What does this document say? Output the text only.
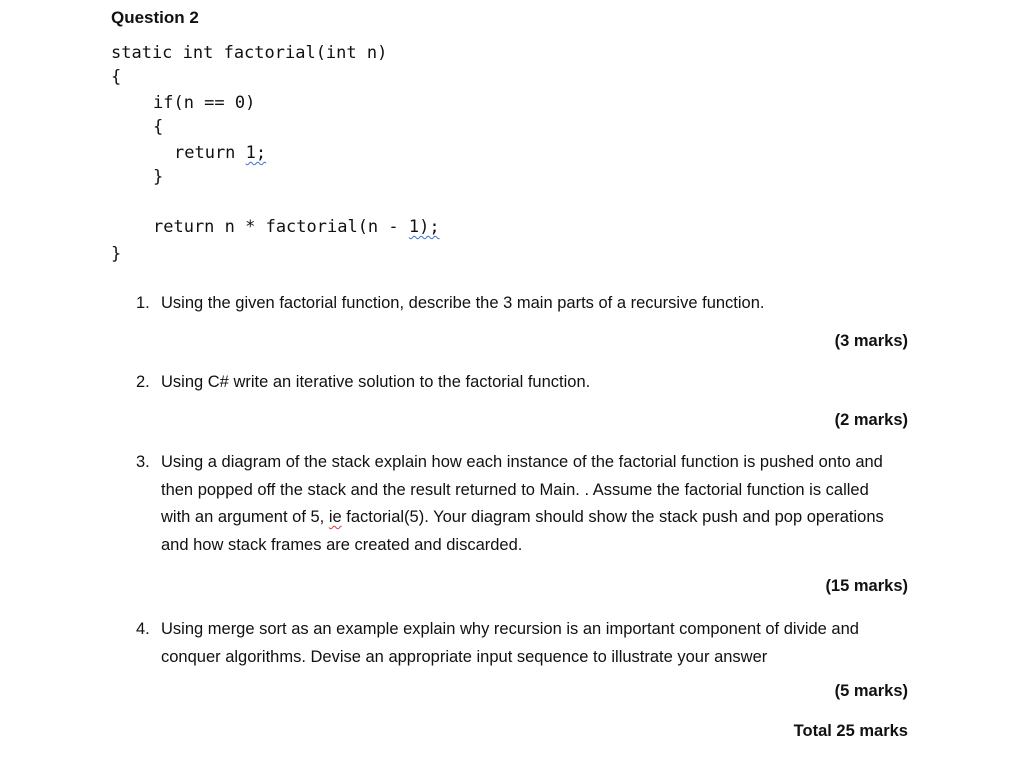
Question 2
static int factorial(int n)
{
if(n == 0)
{
return 1;
}
return n * factorial(n - 1);
}
1. Using the given factorial function, describe the 3 main parts of a recursive function.
(3 marks)
2. Using C# write an iterative solution to the factorial function.
(2 marks)
3. Using a diagram of the stack explain how each instance of the factorial function is pushed onto and then popped off the stack and the result returned to Main. . Assume the factorial function is called with an argument of 5, ie factorial(5). Your diagram should show the stack push and pop operations and how stack frames are created and discarded.
(15 marks)
4. Using merge sort as an example explain why recursion is an important component of divide and conquer algorithms. Devise an appropriate input sequence to illustrate your answer
(5 marks)
Total 25 marks
